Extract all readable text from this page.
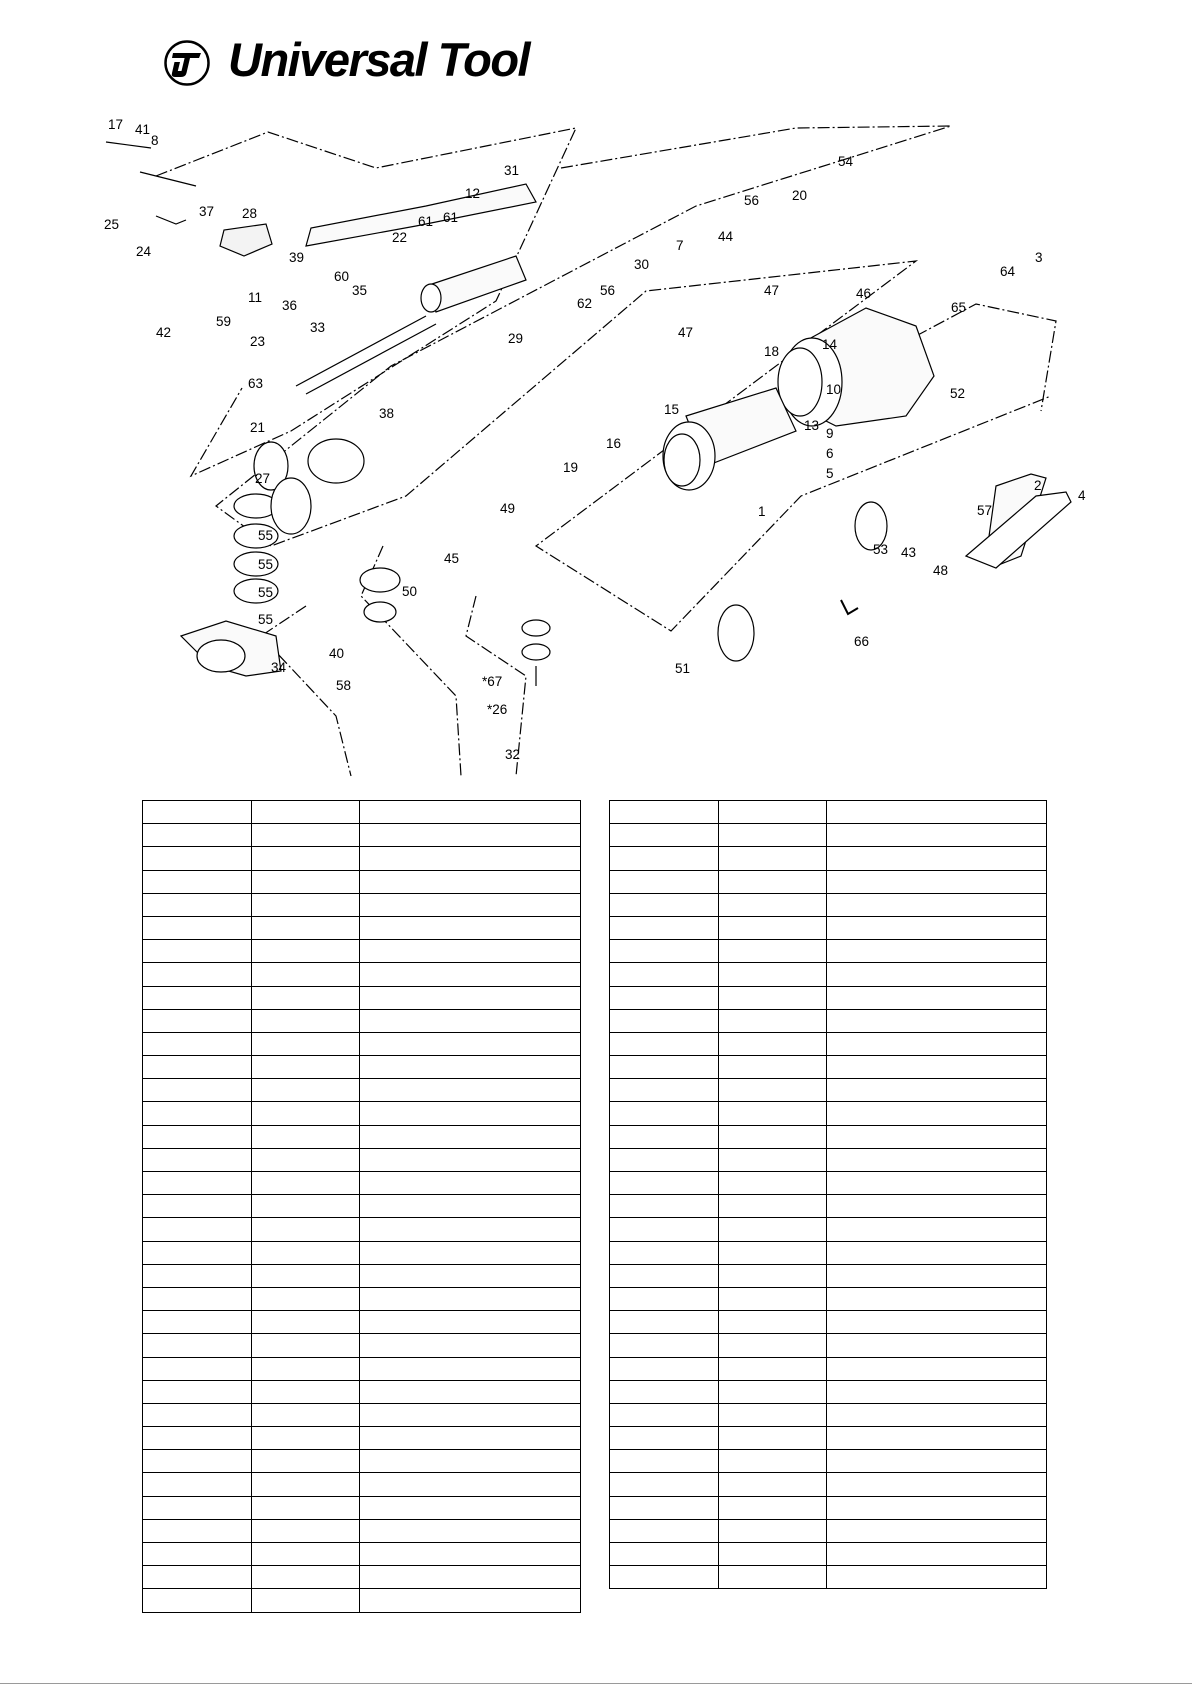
Universal Tool
17 41
8
25
24
37 28
39
36
33
60
35
42
11
59
23
63
21
27
55
55
55
55
34
22
61 61
12
31
38
29
62
56
30
7
44
56 20
54
47
47
15
16
19
49
45
50
40
58	*67
*26
32
18	14
46
65
64
3
10
13
9
6
5
1
52
53
51
2
4
57
43
48
66
